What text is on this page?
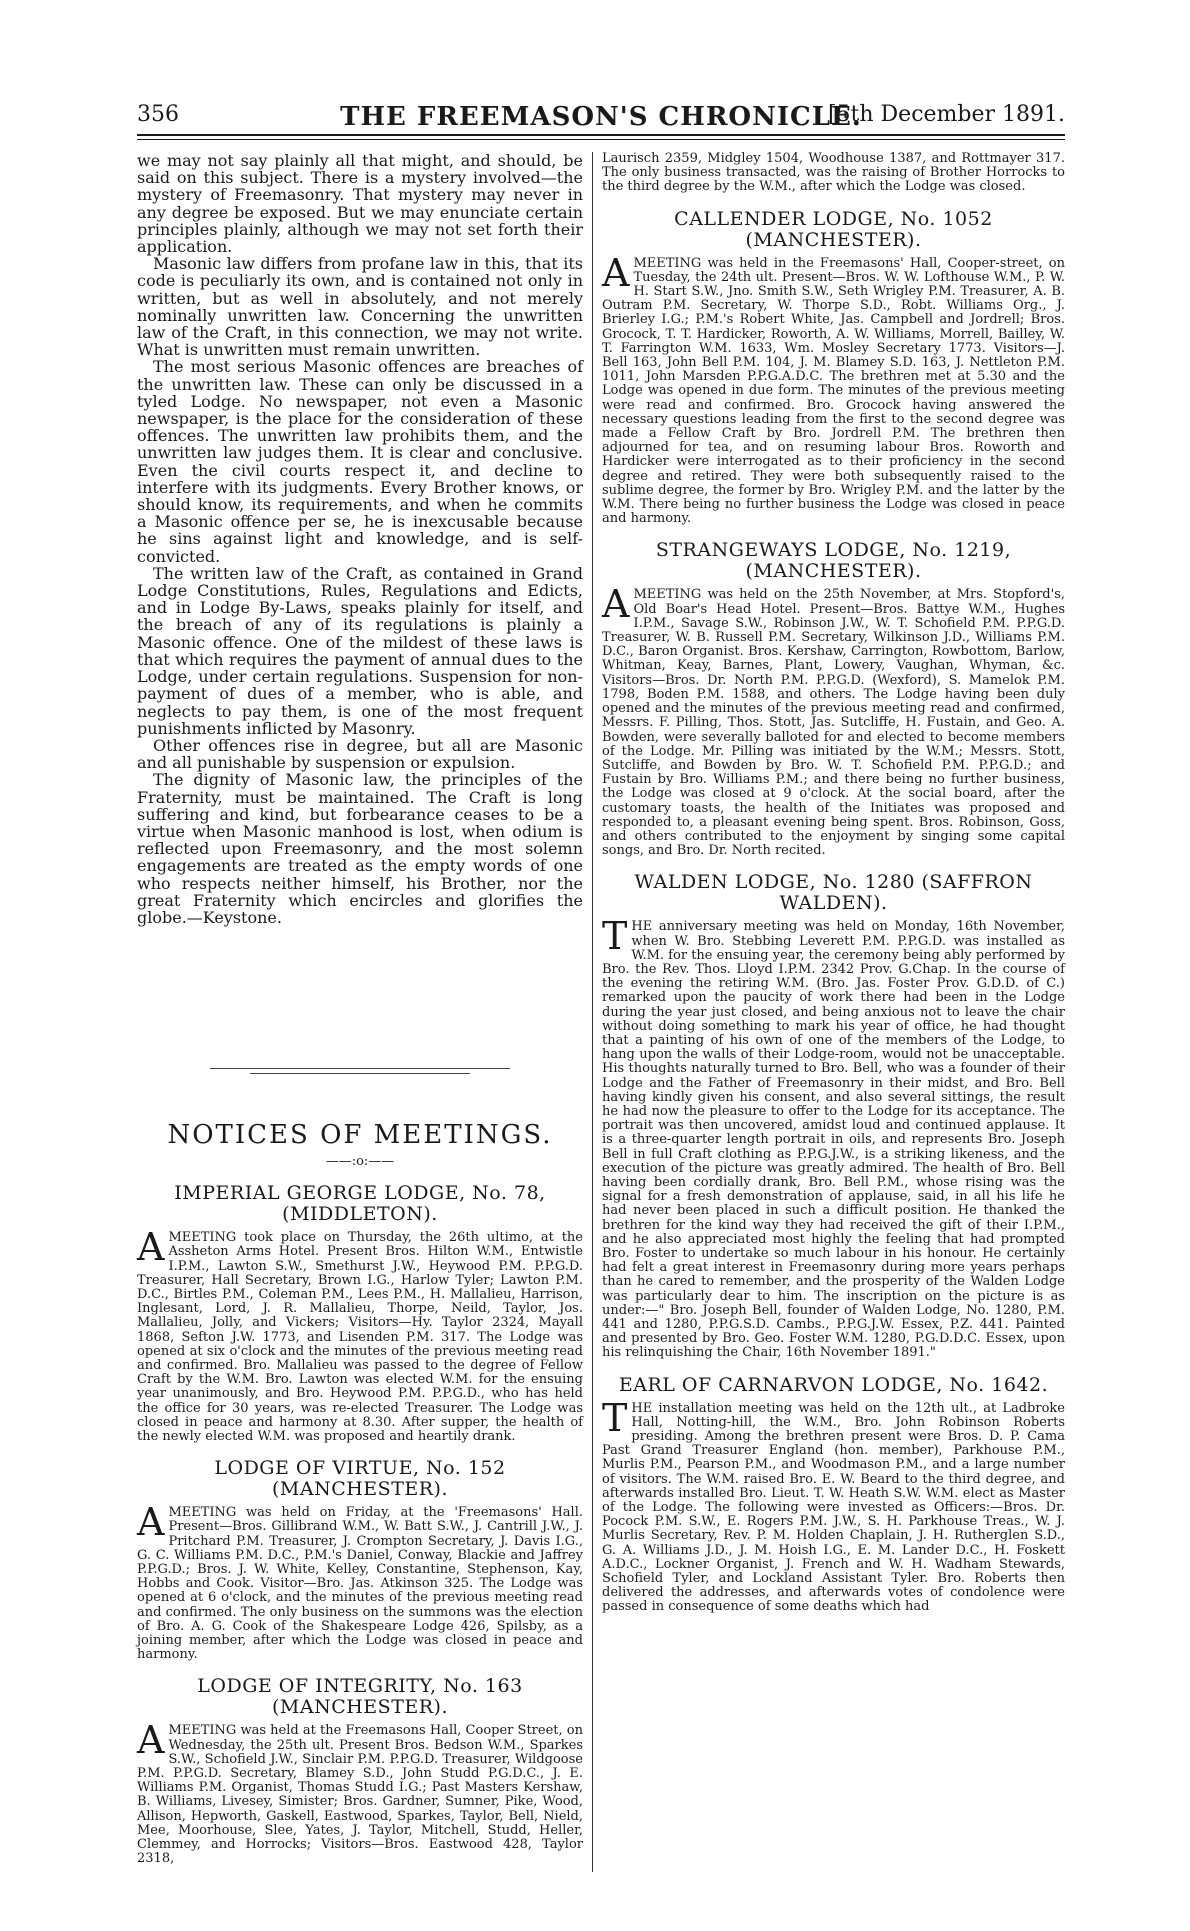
356	THE FREEMASON'S CHRONICLE.
[5th December 1891.

we may not say plainly all that might, and should, be said on this subject. There is a mystery involved—the mystery of Freemasonry. That mystery may never in any degree be exposed. But we may enunciate certain principles plainly, although we may not set forth their application.

Masonic law differs from profane law in this, that its code is peculiarly its own, and is contained not only in written, but as well in absolutely, and not merely nominally unwritten law. Concerning the unwritten law of the Craft, in this connection, we may not write. What is unwritten must remain unwritten.

The most serious Masonic offences are breaches of the unwritten law. These can only be discussed in a tyled Lodge. No newspaper, not even a Masonic newspaper, is the place for the consideration of these offences. The unwritten law prohibits them, and the unwritten law judges them. It is clear and conclusive. Even the civil courts respect it, and decline to interfere with its judgments. Every Brother knows, or should know, its requirements, and when he commits a Masonic offence per se, he is inexcusable because he sins against light and knowledge, and is self-convicted.

The written law of the Craft, as contained in Grand Lodge Constitutions, Rules, Regulations and Edicts, and in Lodge By-Laws, speaks plainly for itself, and the breach of any of its regulations is plainly a Masonic offence. One of the mildest of these laws is that which requires the payment of annual dues to the Lodge, under certain regulations. Suspension for non-payment of dues of a member, who is able, and neglects to pay them, is one of the most frequent punishments inflicted by Masonry.

Other offences rise in degree, but all are Masonic and all punishable by suspension or expulsion.

The dignity of Masonic law, the principles of the Fraternity, must be maintained. The Craft is long suffering and kind, but forbearance ceases to be a virtue when Masonic manhood is lost, when odium is reflected upon Freemasonry, and the most solemn engagements are treated as the empty words of one who respects neither himself, his Brother, nor the great Fraternity which encircles and glorifies the globe.—Keystone.

NOTICES OF MEETINGS.
——:o:——
IMPERIAL GEORGE LODGE, No. 78, (MIDDLETON).

AMEETING took place on Thursday, the 26th ultimo, at the Assheton Arms Hotel. Present Bros. Hilton W.M., Entwistle I.P.M., Lawton S.W., Smethurst J.W., Heywood P.M. P.P.G.D. Treasurer, Hall Secretary, Brown I.G., Harlow Tyler; Lawton P.M. D.C., Birtles P.M., Coleman P.M., Lees P.M., H. Mallalieu, Harrison, Inglesant, Lord, J. R. Mallalieu, Thorpe, Neild, Taylor, Jos. Mallalieu, Jolly, and Vickers; Visitors—Hy. Taylor 2324, Mayall 1868, Sefton J.W. 1773, and Lisenden P.M. 317. The Lodge was opened at six o'clock and the minutes of the previous meeting read and confirmed. Bro. Mallalieu was passed to the degree of Fellow Craft by the W.M. Bro. Lawton was elected W.M. for the ensuing year unanimously, and Bro. Heywood P.M. P.P.G.D., who has held the office for 30 years, was re-elected Treasurer. The Lodge was closed in peace and harmony at 8.30. After supper, the health of the newly elected W.M. was proposed and heartily drank.

LODGE OF VIRTUE, No. 152 (MANCHESTER).

AMEETING was held on Friday, at the 'Freemasons' Hall. Present—Bros. Gillibrand W.M., W. Batt S.W., J. Cantrill J.W., J. Pritchard P.M. Treasurer, J. Crompton Secretary, J. Davis I.G., G. C. Williams P.M. D.C., P.M.'s Daniel, Conway, Blackie and Jaffrey P.P.G.D.; Bros. J. W. White, Kelley, Constantine, Stephenson, Kay, Hobbs and Cook. Visitor—Bro. Jas. Atkinson 325. The Lodge was opened at 6 o'clock, and the minutes of the previous meeting read and confirmed. The only business on the summons was the election of Bro. A. G. Cook of the Shakespeare Lodge 426, Spilsby, as a joining member, after which the Lodge was closed in peace and harmony.

LODGE OF INTEGRITY, No. 163 (MANCHESTER).

AMEETING was held at the Freemasons Hall, Cooper Street, on Wednesday, the 25th ult. Present Bros. Bedson W.M., Sparkes S.W., Schofield J.W., Sinclair P.M. P.P.G.D. Treasurer, Wildgoose P.M. P.P.G.D. Secretary, Blamey S.D., John Studd P.G.D.C., J. E. Williams P.M. Organist, Thomas Studd I.G.; Past Masters Kershaw, B. Williams, Livesey, Simister; Bros. Gardner, Sumner, Pike, Wood, Allison, Hepworth, Gaskell, Eastwood, Sparkes, Taylor, Bell, Nield, Mee, Moorhouse, Slee, Yates, J. Taylor, Mitchell, Studd, Heller, Clemmey, and Horrocks; Visitors—Bros. Eastwood 428, Taylor 2318,

Laurisch 2359, Midgley 1504, Woodhouse 1387, and Rottmayer 317. The only business transacted, was the raising of Brother Horrocks to the third degree by the W.M., after which the Lodge was closed.

CALLENDER LODGE, No. 1052 (MANCHESTER).

AMEETING was held in the Freemasons' Hall, Cooper-street, on Tuesday, the 24th ult. Present—Bros. W. W. Lofthouse W.M., P. W. H. Start S.W., Jno. Smith S.W., Seth Wrigley P.M. Treasurer, A. B. Outram P.M. Secretary, W. Thorpe S.D., Robt. Williams Org., J. Brierley I.G.; P.M.'s Robert White, Jas. Campbell and Jordrell; Bros. Grocock, T. T. Hardicker, Roworth, A. W. Williams, Morrell, Bailley, W. T. Farrington W.M. 1633, Wm. Mosley Secretary 1773. Visitors—J. Bell 163, John Bell P.M. 104, J. M. Blamey S.D. 163, J. Nettleton P.M. 1011, John Marsden P.P.G.A.D.C. The brethren met at 5.30 and the Lodge was opened in due form. The minutes of the previous meeting were read and confirmed. Bro. Grocock having answered the necessary questions leading from the first to the second degree was made a Fellow Craft by Bro. Jordrell P.M. The brethren then adjourned for tea, and on resuming labour Bros. Roworth and Hardicker were interrogated as to their proficiency in the second degree and retired. They were both subsequently raised to the sublime degree, the former by Bro. Wrigley P.M. and the latter by the W.M. There being no further business the Lodge was closed in peace and harmony.

STRANGEWAYS LODGE, No. 1219, (MANCHESTER).

AMEETING was held on the 25th November, at Mrs. Stopford's, Old Boar's Head Hotel. Present—Bros. Battye W.M., Hughes I.P.M., Savage S.W., Robinson J.W., W. T. Schofield P.M. P.P.G.D. Treasurer, W. B. Russell P.M. Secretary, Wilkinson J.D., Williams P.M. D.C., Baron Organist. Bros. Kershaw, Carrington, Rowbottom, Barlow, Whitman, Keay, Barnes, Plant, Lowery, Vaughan, Whyman, &c. Visitors—Bros. Dr. North P.M. P.P.G.D. (Wexford), S. Mamelok P.M. 1798, Boden P.M. 1588, and others. The Lodge having been duly opened and the minutes of the previous meeting read and confirmed, Messrs. F. Pilling, Thos. Stott, Jas. Sutcliffe, H. Fustain, and Geo. A. Bowden, were severally balloted for and elected to become members of the Lodge. Mr. Pilling was initiated by the W.M.; Messrs. Stott, Sutcliffe, and Bowden by Bro. W. T. Schofield P.M. P.P.G.D.; and Fustain by Bro. Williams P.M.; and there being no further business, the Lodge was closed at 9 o'clock. At the social board, after the customary toasts, the health of the Initiates was proposed and responded to, a pleasant evening being spent. Bros. Robinson, Goss, and others contributed to the enjoyment by singing some capital songs, and Bro. Dr. North recited.

WALDEN LODGE, No. 1280 (SAFFRON WALDEN).

THE anniversary meeting was held on Monday, 16th November, when W. Bro. Stebbing Leverett P.M. P.P.G.D. was installed as W.M. for the ensuing year, the ceremony being ably performed by Bro. the Rev. Thos. Lloyd I.P.M. 2342 Prov. G.Chap. In the course of the evening the retiring W.M. (Bro. Jas. Foster Prov. G.D.D. of C.) remarked upon the paucity of work there had been in the Lodge during the year just closed, and being anxious not to leave the chair without doing something to mark his year of office, he had thought that a painting of his own of one of the members of the Lodge, to hang upon the walls of their Lodge-room, would not be unacceptable. His thoughts naturally turned to Bro. Bell, who was a founder of their Lodge and the Father of Freemasonry in their midst, and Bro. Bell having kindly given his consent, and also several sittings, the result he had now the pleasure to offer to the Lodge for its acceptance. The portrait was then uncovered, amidst loud and continued applause. It is a three-quarter length portrait in oils, and represents Bro. Joseph Bell in full Craft clothing as P.P.G.J.W., is a striking likeness, and the execution of the picture was greatly admired. The health of Bro. Bell having been cordially drank, Bro. Bell P.M., whose rising was the signal for a fresh demonstration of applause, said, in all his life he had never been placed in such a difficult position. He thanked the brethren for the kind way they had received the gift of their I.P.M., and he also appreciated most highly the feeling that had prompted Bro. Foster to undertake so much labour in his honour. He certainly had felt a great interest in Freemasonry during more years perhaps than he cared to remember, and the prosperity of the Walden Lodge was particularly dear to him. The inscription on the picture is as under:—" Bro. Joseph Bell, founder of Walden Lodge, No. 1280, P.M. 441 and 1280, P.P.G.S.D. Cambs., P.P.G.J.W. Essex, P.Z. 441. Painted and presented by Bro. Geo. Foster W.M. 1280, P.G.D.D.C. Essex, upon his relinquishing the Chair, 16th November 1891."

EARL OF CARNARVON LODGE, No. 1642.

THE installation meeting was held on the 12th ult., at Ladbroke Hall, Notting-hill, the W.M., Bro. John Robinson Roberts presiding. Among the brethren present were Bros. D. P. Cama Past Grand Treasurer England (hon. member), Parkhouse P.M., Murlis P.M., Pearson P.M., and Woodmason P.M., and a large number of visitors. The W.M. raised Bro. E. W. Beard to the third degree, and afterwards installed Bro. Lieut. T. W. Heath S.W. W.M. elect as Master of the Lodge. The following were invested as Officers:—Bros. Dr. Pocock P.M. S.W., E. Rogers P.M. J.W., S. H. Parkhouse Treas., W. J. Murlis Secretary, Rev. P. M. Holden Chaplain, J. H. Rutherglen S.D., G. A. Williams J.D., J. M. Hoish I.G., E. M. Lander D.C., H. Foskett A.D.C., Lockner Organist, J. French and W. H. Wadham Stewards, Schofield Tyler, and Lockland Assistant Tyler. Bro. Roberts then delivered the addresses, and afterwards votes of condolence were passed in consequence of some deaths which had
